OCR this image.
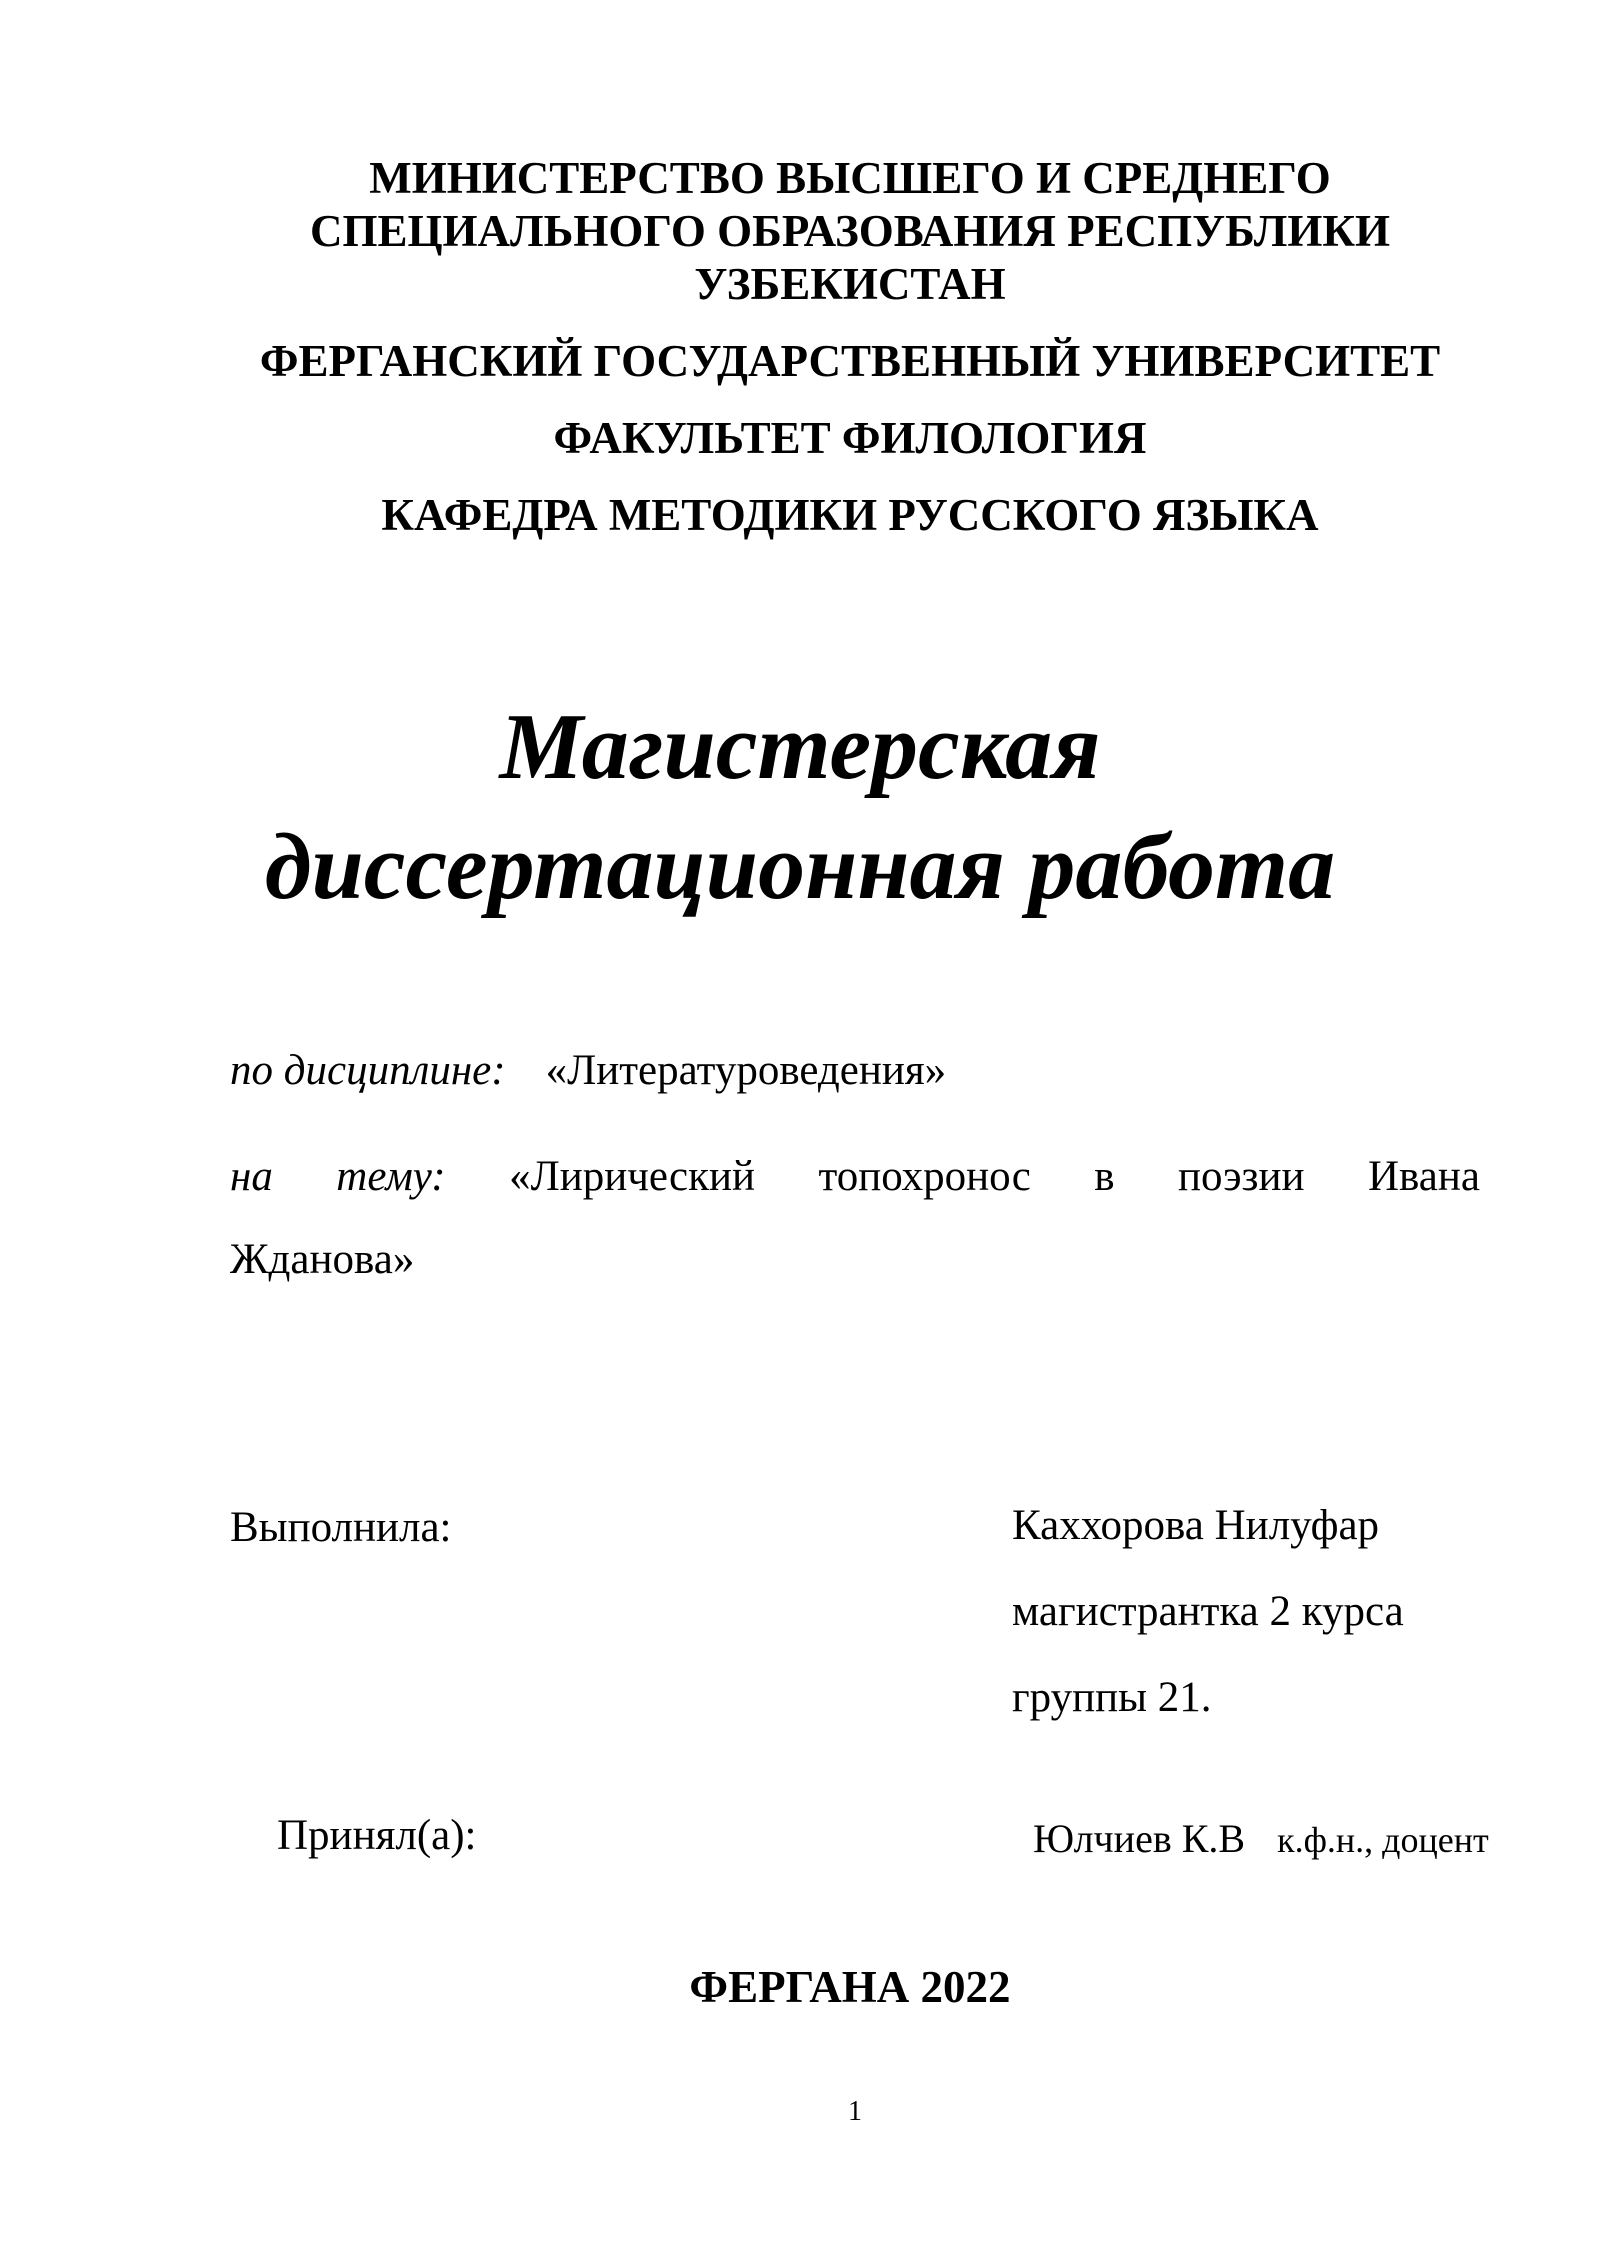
МИНИСТЕРСТВО ВЫСШЕГО И СРЕДНЕГО
СПЕЦИАЛЬНОГО ОБРАЗОВАНИЯ РЕСПУБЛИКИ
УЗБЕКИСТАН
ФЕРГАНСКИЙ ГОСУДАРСТВЕННЫЙ УНИВЕРСИТЕТ
ФАКУЛЬТЕТ ФИЛОЛОГИЯ
КАФЕДРА МЕТОДИКИ РУССКОГО ЯЗЫКА
Магистерская
диссертационная работа
по дисциплине: «Литературоведения»
на тему: «Лирический топохронос в поэзии Ивана
Жданова»
Выполнила:	Каххорова Нилуфар
магистрантка 2 курса
группы 21.
Принял(а):	Юлчиев К.В к.ф.н., доцент
ФЕРГАНА 2022
1
